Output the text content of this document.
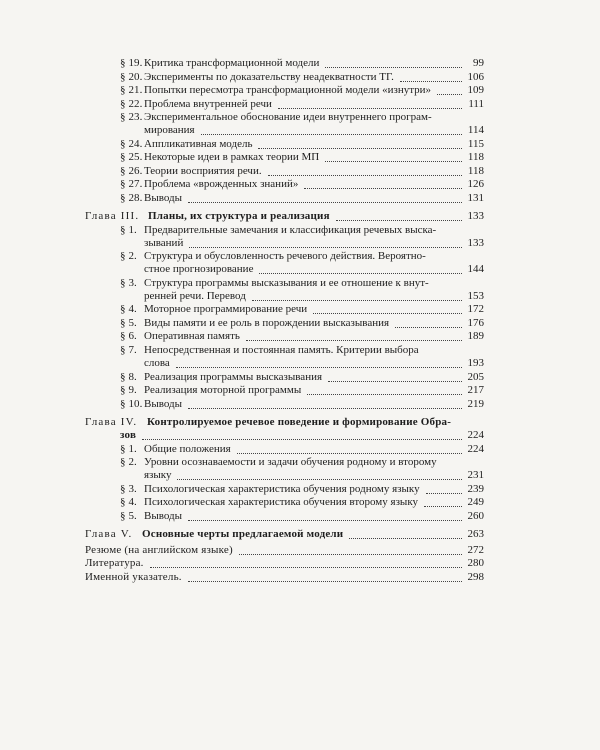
§ 19. Критика трансформационной модели	99
§ 20. Эксперименты по доказательству неадекватности ТГ.	106
§ 21. Попытки пересмотра трансформационной модели «изнутри»	109
§ 22. Проблема внутренней речи	111
§ 23. Экспериментальное обоснование идеи внутреннего програм-
мирования	114
§ 24. Аппликативная модель	115
§ 25. Некоторые идеи в рамках теории МП	118
§ 26. Теории восприятия речи.	118
§ 27. Проблема «врожденных знаний»	126
§ 28. Выводы	131
Глава III. Планы, их структура и реализация	133
§ 1. Предварительные замечания и классификация речевых выска-
зываний	133
§ 2. Структура и обусловленность речевого действия. Вероятно-
стное прогнозирование	144
§ 3. Структура программы высказывания и ее отношение к внут-
ренней речи. Перевод	153
§ 4. Моторное программирование речи	172
§ 5. Виды памяти и ее роль в порождении высказывания	176
§ 6. Оперативная память	189
§ 7. Непосредственная и постоянная память. Критерии выбора
слова	193
§ 8. Реализация программы высказывания	205
§ 9. Реализация моторной программы	217
§ 10. Выводы	219
Глава IV. Контролируемое речевое поведение и формирование Обра-
зов	224
§ 1. Общие положения	224
§ 2. Уровни осознаваемости и задачи обучения родному и второму
языку	231
§ 3. Психологическая характеристика обучения родному языку	239
§ 4. Психологическая характеристика обучения второму языку	249
§ 5. Выводы	260
Глава V. Основные черты предлагаемой модели	263
Резюме (на английском языке)	272
Литература.	280
Именной указатель.	298
